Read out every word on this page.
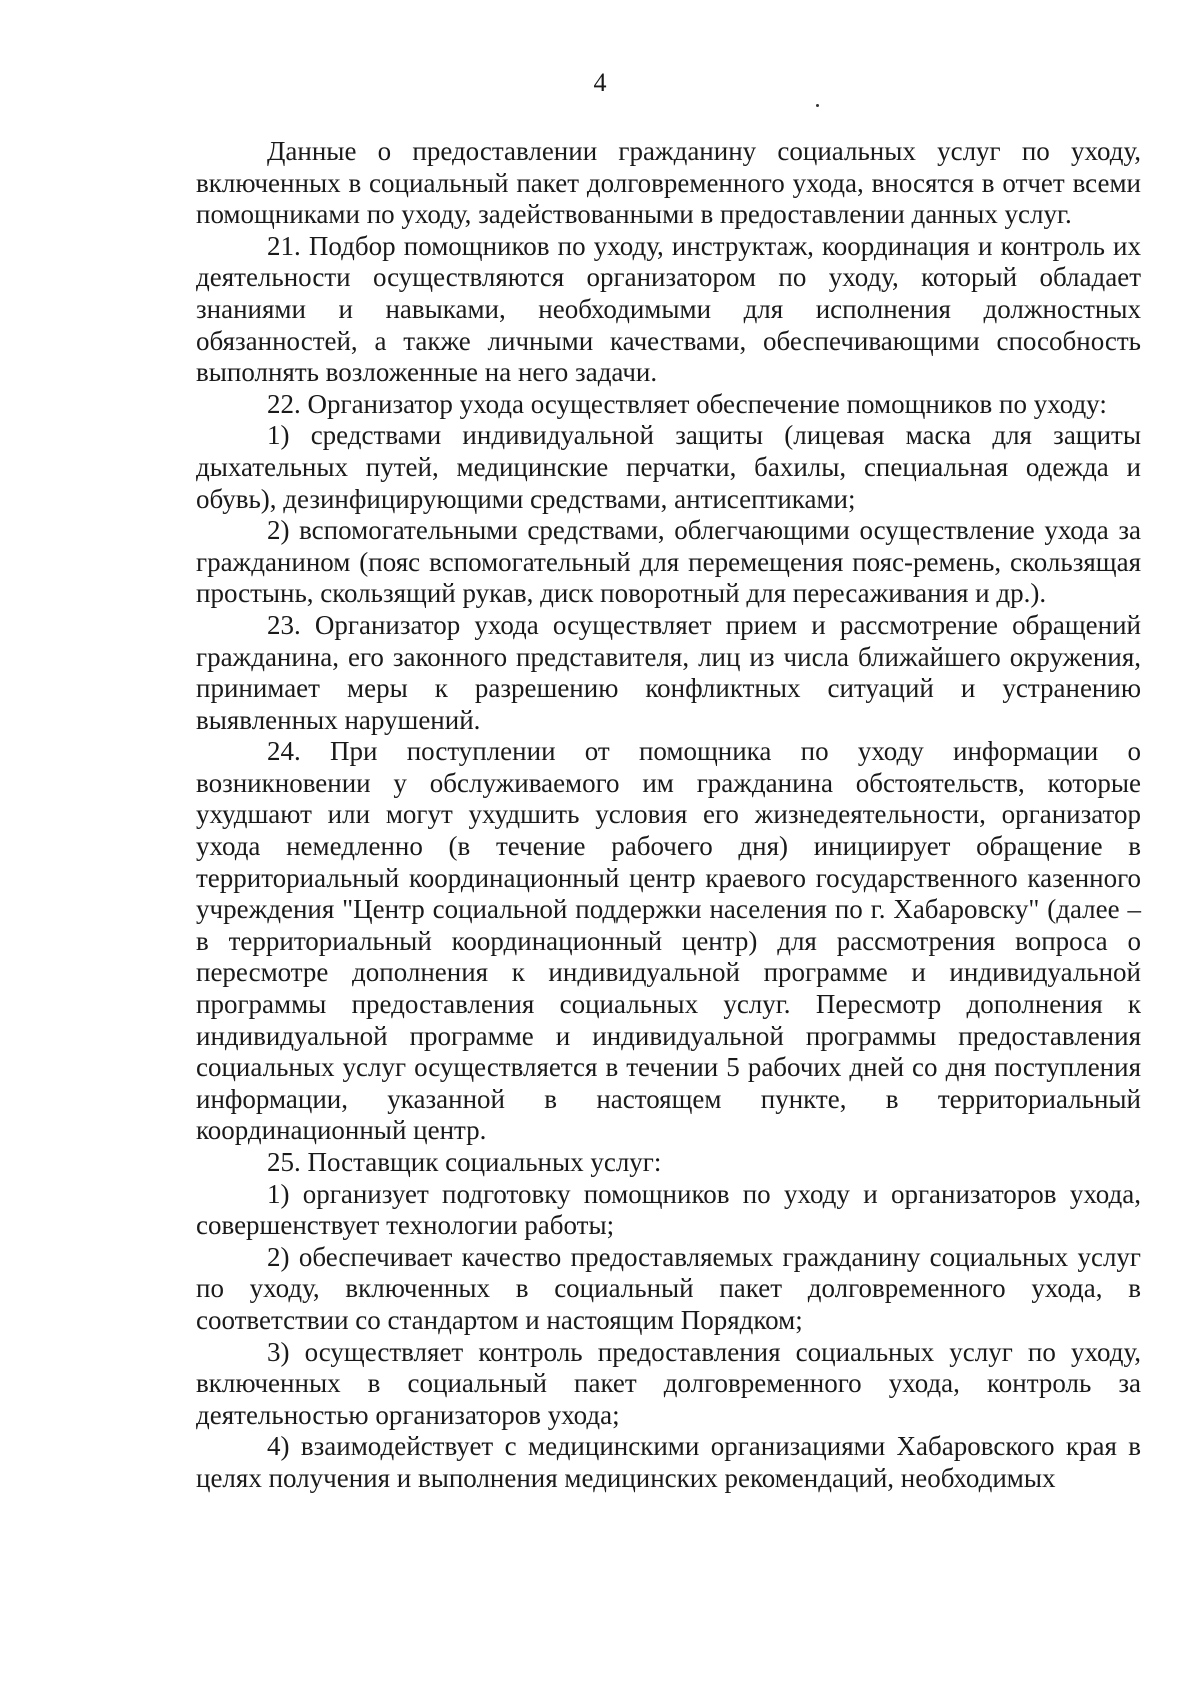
4

Данные о предоставлении гражданину социальных услуг по уходу, включенных в социальный пакет долговременного ухода, вносятся в отчет всеми помощниками по уходу, задействованными в предоставлении данных услуг.

21. Подбор помощников по уходу, инструктаж, координация и контроль их деятельности осуществляются организатором по уходу, который обладает знаниями и навыками, необходимыми для исполнения должностных обязанностей, а также личными качествами, обеспечивающими способность выполнять возложенные на него задачи.

22. Организатор ухода осуществляет обеспечение помощников по уходу:

1) средствами индивидуальной защиты (лицевая маска для защиты дыхательных путей, медицинские перчатки, бахилы, специальная одежда и обувь), дезинфицирующими средствами, антисептиками;

2) вспомогательными средствами, облегчающими осуществление ухода за гражданином (пояс вспомогательный для перемещения пояс-ремень, скользящая простынь, скользящий рукав, диск поворотный для пересаживания и др.).

23. Организатор ухода осуществляет прием и рассмотрение обращений гражданина, его законного представителя, лиц из числа ближайшего окружения, принимает меры к разрешению конфликтных ситуаций и устранению выявленных нарушений.

24. При поступлении от помощника по уходу информации о возникновении у обслуживаемого им гражданина обстоятельств, которые ухудшают или могут ухудшить условия его жизнедеятельности, организатор ухода немедленно (в течение рабочего дня) инициирует обращение в территориальный координационный центр краевого государственного казенного учреждения "Центр социальной поддержки населения по г. Хабаровску" (далее – в территориальный координационный центр) для рассмотрения вопроса о пересмотре дополнения к индивидуальной программе и индивидуальной программы предоставления социальных услуг. Пересмотр дополнения к индивидуальной программе и индивидуальной программы предоставления социальных услуг осуществляется в течении 5 рабочих дней со дня поступления информации, указанной в настоящем пункте, в территориальный координационный центр.

25. Поставщик социальных услуг:

1) организует подготовку помощников по уходу и организаторов ухода, совершенствует технологии работы;

2) обеспечивает качество предоставляемых гражданину социальных услуг по уходу, включенных в социальный пакет долговременного ухода, в соответствии со стандартом и настоящим Порядком;

3) осуществляет контроль предоставления социальных услуг по уходу, включенных в социальный пакет долговременного ухода, контроль за деятельностью организаторов ухода;

4) взаимодействует с медицинскими организациями Хабаровского края в целях получения и выполнения медицинских рекомендаций, необходимых
